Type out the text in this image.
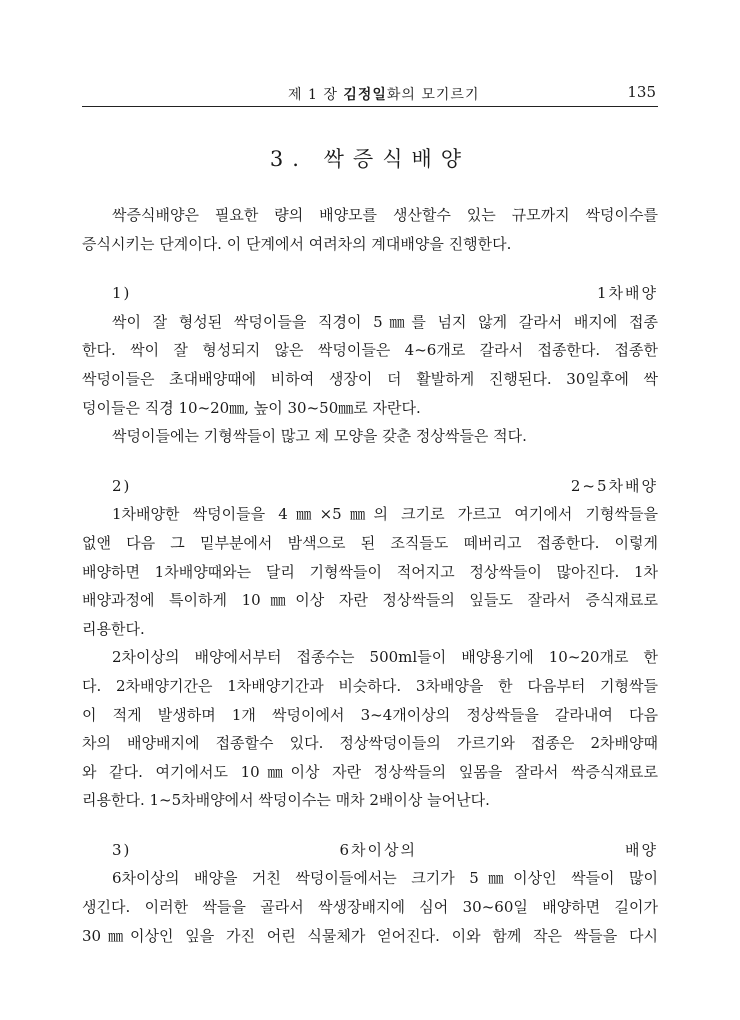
제 1 장 김정일화의 모기르기	135
3. 싹증식배양

싹증식배양은 필요한 량의 배양모를 생산할수 있는 규모까지 싹덩이수를

증식시키는 단계이다. 이 단계에서 여려차의 계대배양을 진행한다.

1) 1차배양

싹이 잘 형성된 싹덩이들을 직경이 5㎜를 넘지 않게 갈라서 배지에 접종

한다. 싹이 잘 형성되지 않은 싹덩이들은 4~6개로 갈라서 접종한다. 접종한

싹덩이들은 초대배양때에 비하여 생장이 더 활발하게 진행된다. 30일후에 싹

덩이들은 직경 10~20㎜, 높이 30~50㎜로 자란다.

싹덩이들에는 기형싹들이 많고 제 모양을 갖춘 정상싹들은 적다.

2) 2~5차배양

1차배양한 싹덩이들을 4㎜×5㎜의 크기로 가르고 여기에서 기형싹들을

없앤 다음 그 밑부분에서 밤색으로 된 조직들도 떼버리고 접종한다. 이렇게

배양하면 1차배양때와는 달리 기형싹들이 적어지고 정상싹들이 많아진다. 1차

배양과정에 특이하게 10㎜이상 자란 정상싹들의 잎들도 잘라서 증식재료로

리용한다.

2차이상의 배양에서부터 접종수는 500ml들이 배양용기에 10~20개로 한

다. 2차배양기간은 1차배양기간과 비슷하다. 3차배양을 한 다음부터 기형싹들

이 적게 발생하며 1개 싹덩이에서 3~4개이상의 정상싹들을 갈라내여 다음

차의 배양배지에 접종할수 있다. 정상싹덩이들의 가르기와 접종은 2차배양때

와 같다. 여기에서도 10㎜이상 자란 정상싹들의 잎몸을 잘라서 싹증식재료로

리용한다. 1~5차배양에서 싹덩이수는 매차 2배이상 늘어난다.

3) 6차이상의 배양

6차이상의 배양을 거친 싹덩이들에서는 크기가 5㎜이상인 싹들이 많이

생긴다. 이러한 싹들을 골라서 싹생장배지에 심어 30~60일 배양하면 길이가

30㎜이상인 잎을 가진 어린 식물체가 얻어진다. 이와 함께 작은 싹들을 다시
